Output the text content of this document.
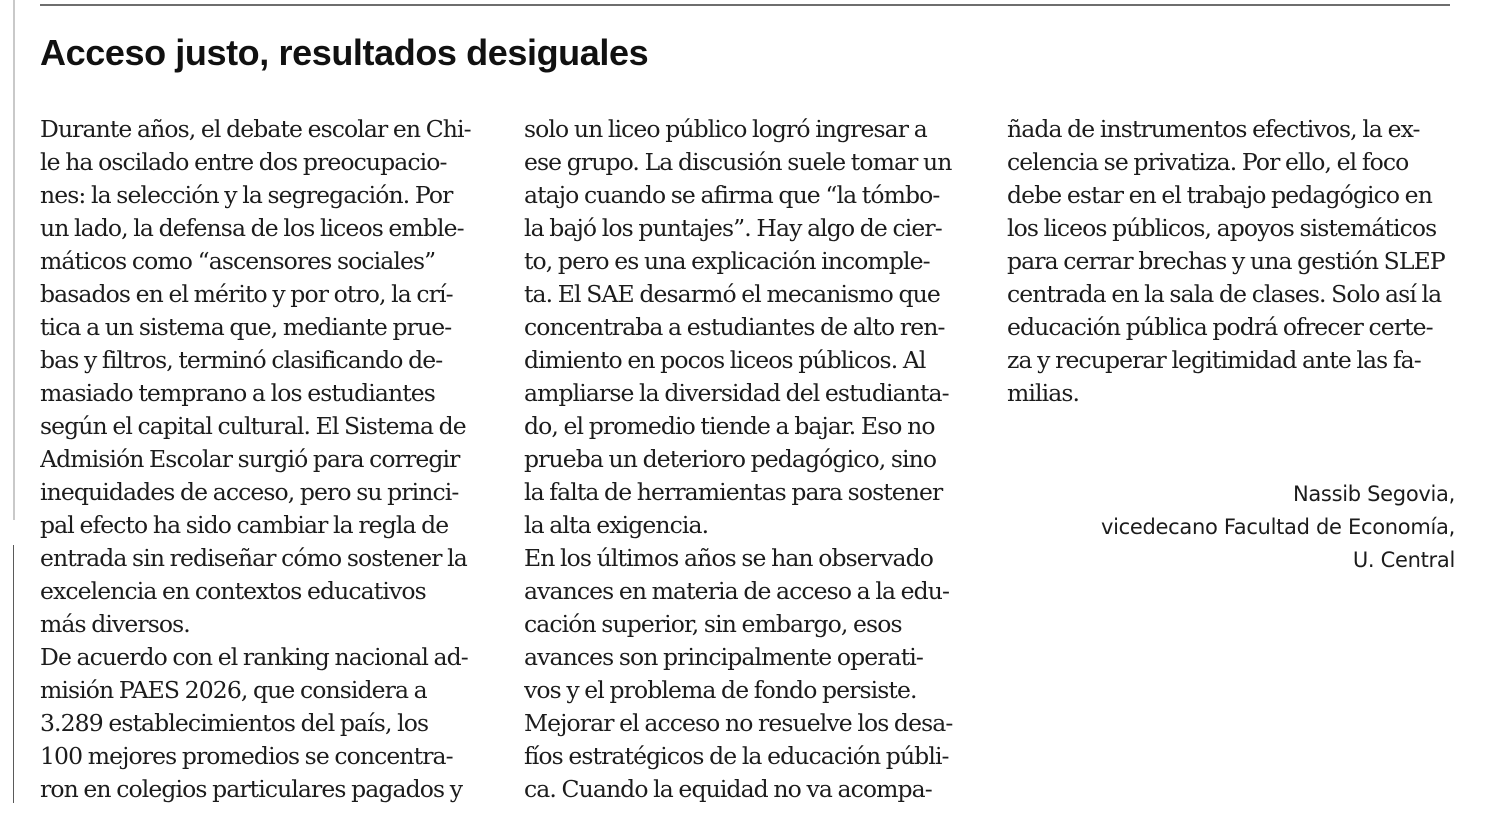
Acceso justo, resultados desiguales
Durante años, el debate escolar en Chi-
le ha oscilado entre dos preocupacio-
nes: la selección y la segregación. Por
un lado, la defensa de los liceos emble-
máticos como “ascensores sociales”
basados en el mérito y por otro, la crí-
tica a un sistema que, mediante prue-
bas y filtros, terminó clasificando de-
masiado temprano a los estudiantes
según el capital cultural. El Sistema de
Admisión Escolar surgió para corregir
inequidades de acceso, pero su princi-
pal efecto ha sido cambiar la regla de
entrada sin rediseñar cómo sostener la
excelencia en contextos educativos
más diversos.
De acuerdo con el ranking nacional ad-
misión PAES 2026, que considera a
3.289 establecimientos del país, los
100 mejores promedios se concentra-
ron en colegios particulares pagados y
solo un liceo público logró ingresar a
ese grupo. La discusión suele tomar un
atajo cuando se afirma que “la tómbo-
la bajó los puntajes”. Hay algo de cier-
to, pero es una explicación incomple-
ta. El SAE desarmó el mecanismo que
concentraba a estudiantes de alto ren-
dimiento en pocos liceos públicos. Al
ampliarse la diversidad del estudianta-
do, el promedio tiende a bajar. Eso no
prueba un deterioro pedagógico, sino
la falta de herramientas para sostener
la alta exigencia.
En los últimos años se han observado
avances en materia de acceso a la edu-
cación superior, sin embargo, esos
avances son principalmente operati-
vos y el problema de fondo persiste.
Mejorar el acceso no resuelve los desa-
fíos estratégicos de la educación públi-
ca. Cuando la equidad no va acompa-
ñada de instrumentos efectivos, la ex-
celencia se privatiza. Por ello, el foco
debe estar en el trabajo pedagógico en
los liceos públicos, apoyos sistemáticos
para cerrar brechas y una gestión SLEP
centrada en la sala de clases. Solo así la
educación pública podrá ofrecer certe-
za y recuperar legitimidad ante las fa-
milias.
Nassib Segovia,
vicedecano Facultad de Economía,
U. Central
